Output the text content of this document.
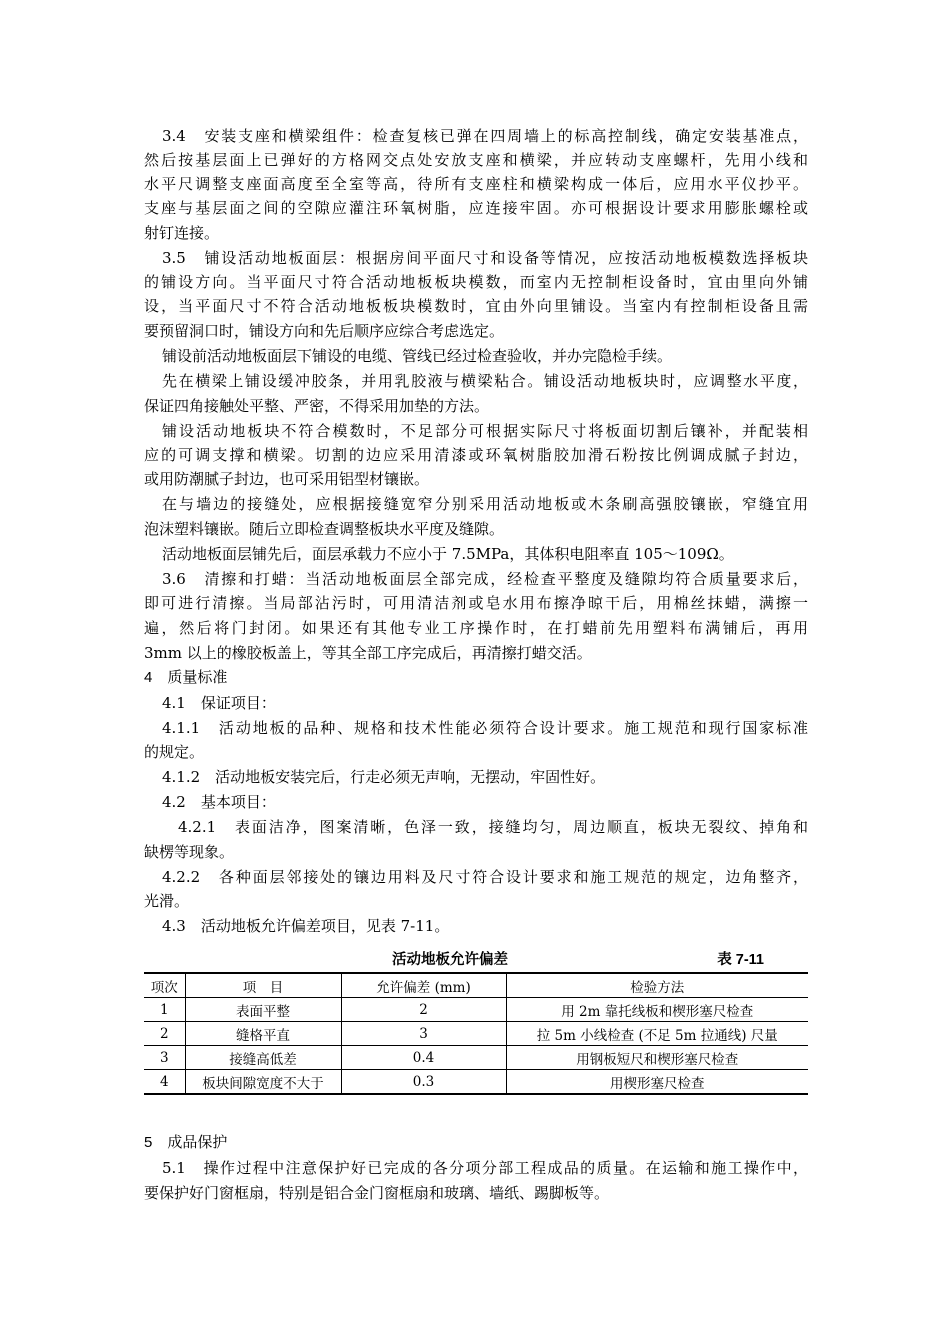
3.4　安装支座和横梁组件：检查复核已弹在四周墙上的标高控制线，确定安装基准点，
然后按基层面上已弹好的方格网交点处安放支座和横梁，并应转动支座螺杆，先用小线和
水平尺调整支座面高度至全室等高，待所有支座柱和横梁构成一体后，应用水平仪抄平。
支座与基层面之间的空隙应灌注环氧树脂，应连接牢固。亦可根据设计要求用膨胀螺栓或
射钉连接。
3.5　铺设活动地板面层：根据房间平面尺寸和设备等情况，应按活动地板模数选择板块
的铺设方向。当平面尺寸符合活动地板板块模数，而室内无控制柜设备时，宜由里向外铺
设，当平面尺寸不符合活动地板板块模数时，宜由外向里铺设。当室内有控制柜设备且需
要预留洞口时，铺设方向和先后顺序应综合考虑选定。
铺设前活动地板面层下铺设的电缆、管线已经过检查验收，并办完隐检手续。
先在横梁上铺设缓冲胶条，并用乳胶液与横梁粘合。铺设活动地板块时，应调整水平度，
保证四角接触处平整、严密，不得采用加垫的方法。
铺设活动地板块不符合模数时，不足部分可根据实际尺寸将板面切割后镶补，并配装相
应的可调支撑和横梁。切割的边应采用清漆或环氧树脂胶加滑石粉按比例调成腻子封边，
或用防潮腻子封边，也可采用铝型材镶嵌。
在与墙边的接缝处，应根据接缝宽窄分别采用活动地板或木条刷高强胶镶嵌，窄缝宜用
泡沫塑料镶嵌。随后立即检查调整板块水平度及缝隙。
活动地板面层铺先后，面层承载力不应小于 7.5MPa，其体积电阻率直 105～109Ω。
3.6　清擦和打蜡：当活动地板面层全部完成，经检查平整度及缝隙均符合质量要求后，
即可进行清擦。当局部沾污时，可用清洁剂或皂水用布擦净晾干后，用棉丝抹蜡，满擦一
遍，然后将门封闭。如果还有其他专业工序操作时，在打蜡前先用塑料布满铺后，再用
3mm 以上的橡胶板盖上，等其全部工序完成后，再清擦打蜡交活。
4　质量标准
4.1　保证项目：
4.1.1　活动地板的品种、规格和技术性能必须符合设计要求。施工规范和现行国家标准
的规定。
4.1.2　活动地板安装完后，行走必须无声响，无摆动，牢固性好。
4.2　基本项目：
4.2.1　表面洁净，图案清晰，色泽一致，接缝均匀，周边顺直，板块无裂纹、掉角和
缺楞等现象。
4.2.2　各种面层邻接处的镶边用料及尺寸符合设计要求和施工规范的规定，边角整齐，
光滑。
4.3　活动地板允许偏差项目，见表 7-11。
活动地板允许偏差	表 7-11
项次	项　目	允许偏差 (mm)	检验方法
1	表面平整	2	用 2m 靠托线板和楔形塞尺检查
2	缝格平直	3	拉 5m 小线检查 (不足 5m 拉通线) 尺量
3	接缝高低差	0.4	用钢板短尺和楔形塞尺检查
4	板块间隙宽度不大于	0.3	用楔形塞尺检查
5　成品保护
5.1　操作过程中注意保护好已完成的各分项分部工程成品的质量。在运输和施工操作中，
要保护好门窗框扇，特别是铝合金门窗框扇和玻璃、墙纸、踢脚板等。
